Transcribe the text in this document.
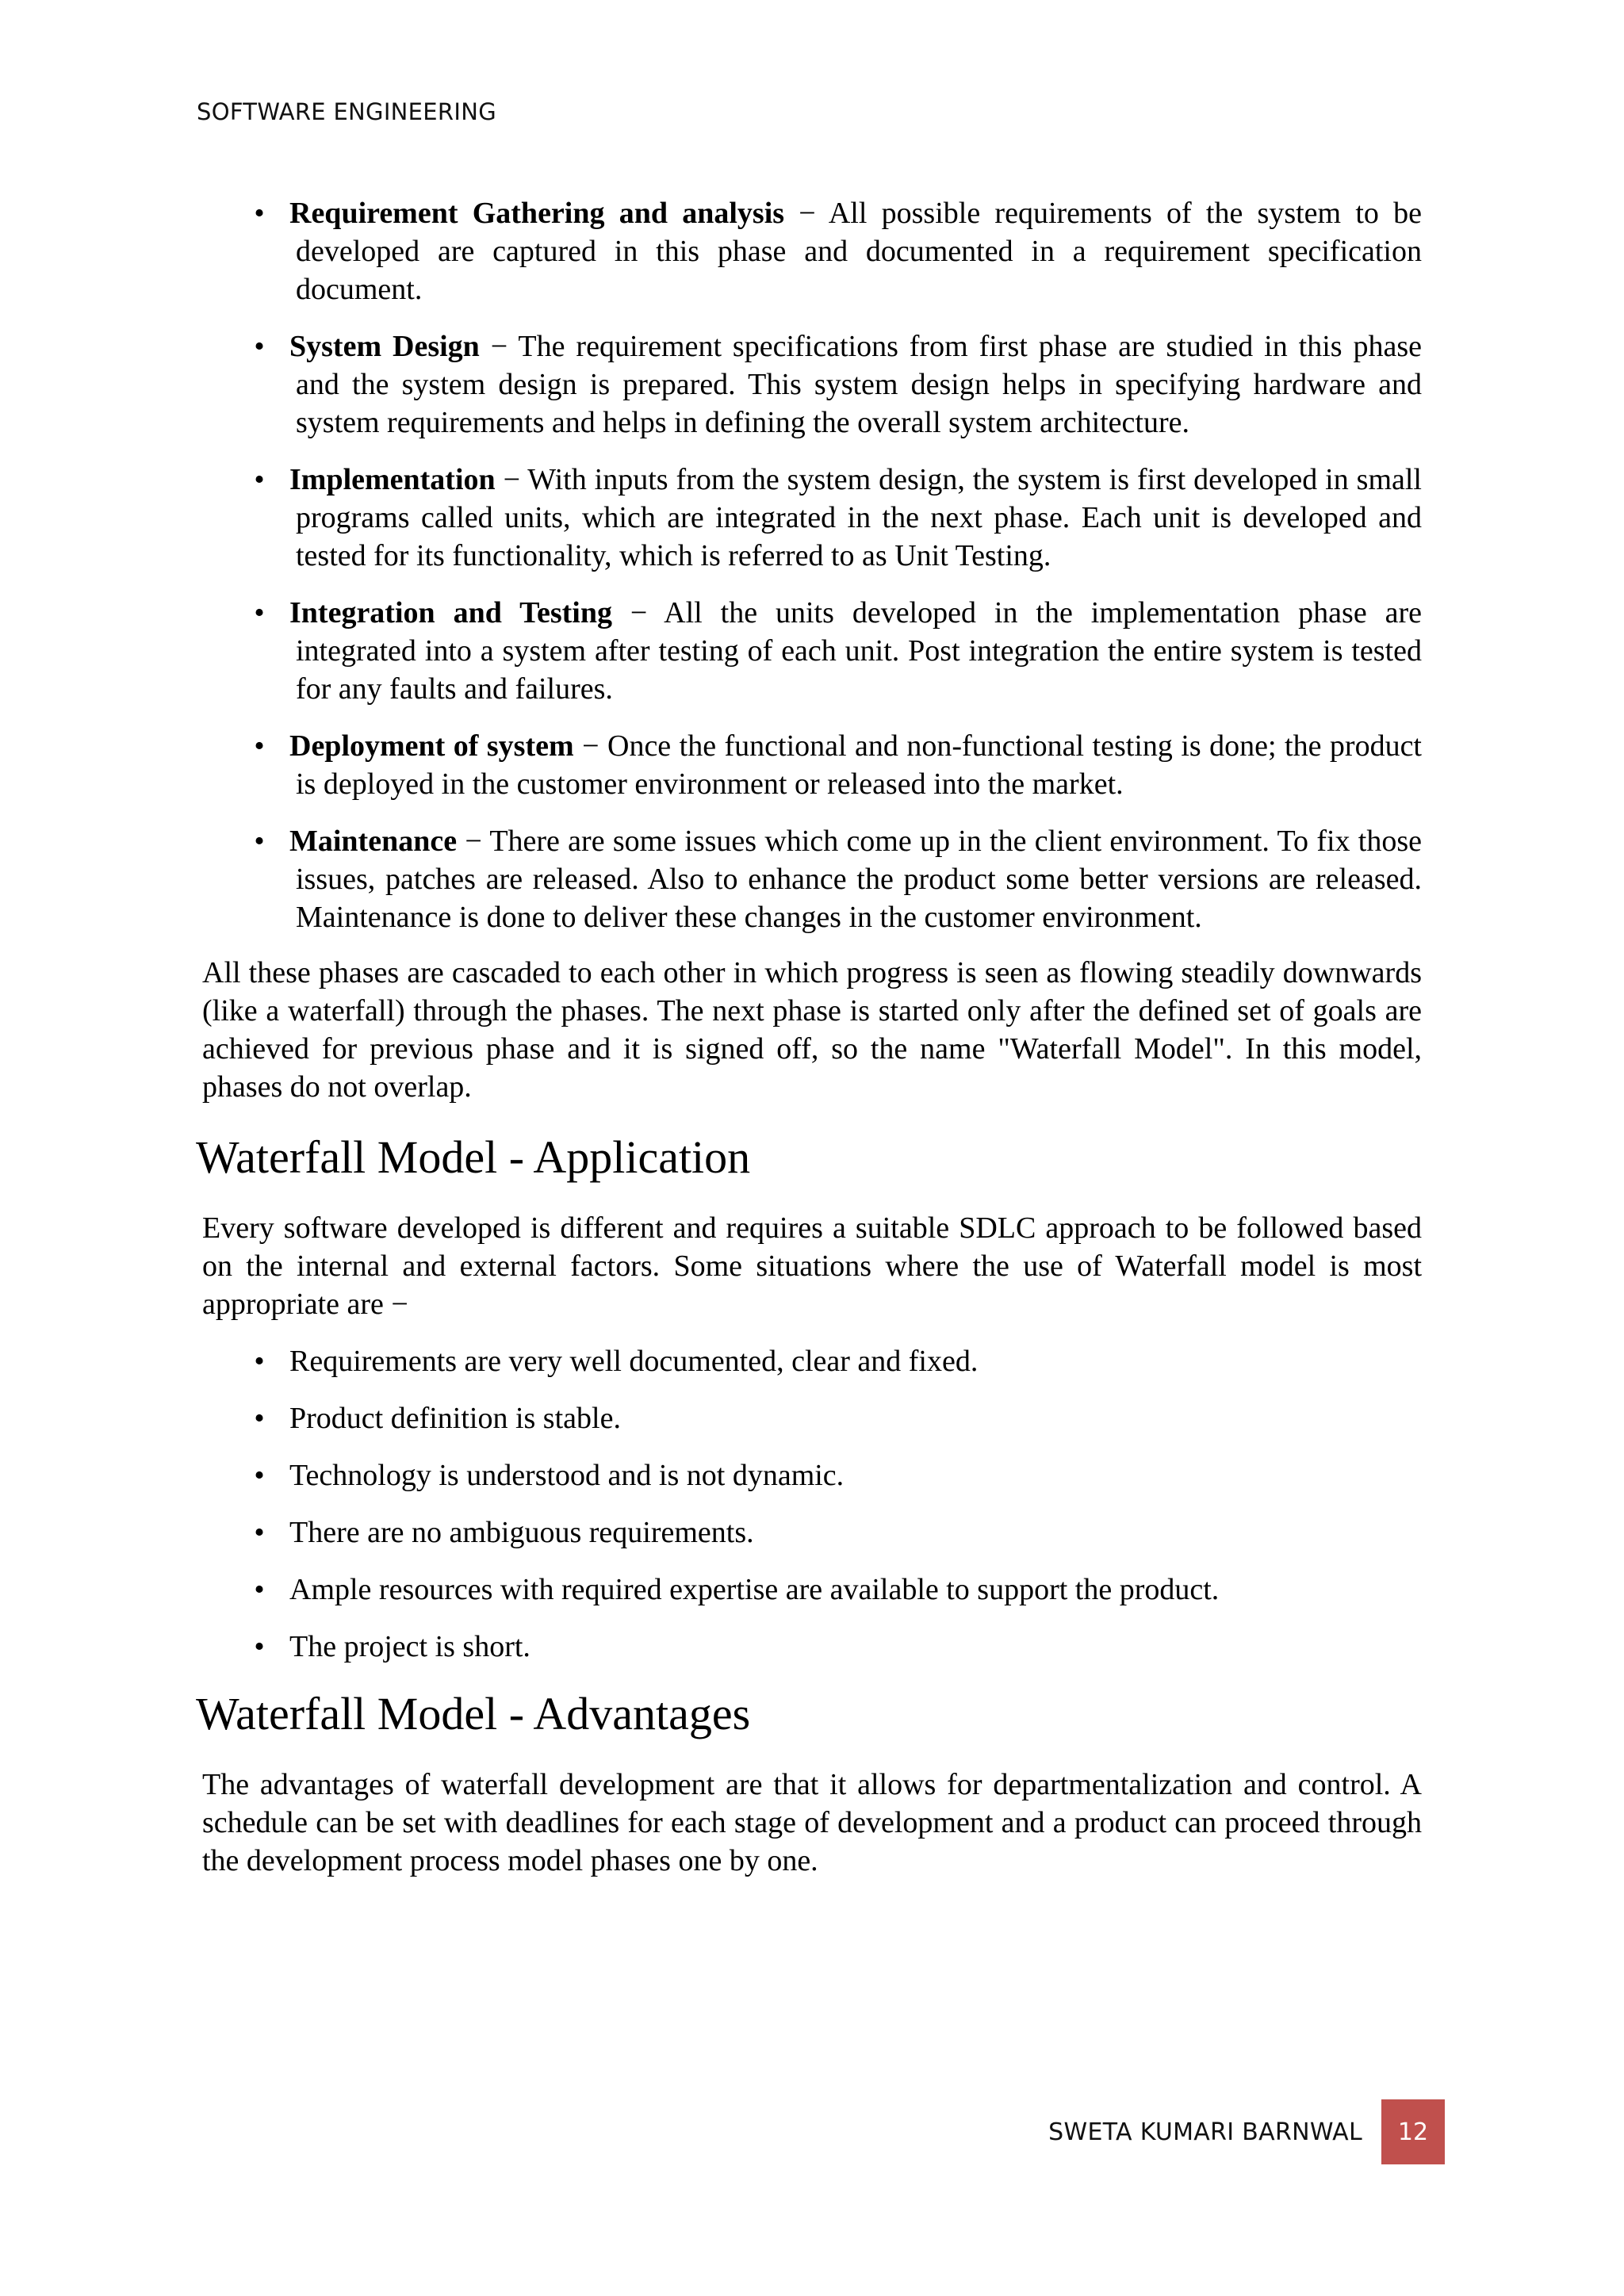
SOFTWARE ENGINEERING
• Requirement Gathering and analysis − All possible requirements of the system to be developed are captured in this phase and documented in a requirement specification document.
• System Design − The requirement specifications from first phase are studied in this phase and the system design is prepared. This system design helps in specifying hardware and system requirements and helps in defining the overall system architecture.
• Implementation − With inputs from the system design, the system is first developed in small programs called units, which are integrated in the next phase. Each unit is developed and tested for its functionality, which is referred to as Unit Testing.
• Integration and Testing − All the units developed in the implementation phase are integrated into a system after testing of each unit. Post integration the entire system is tested for any faults and failures.
• Deployment of system − Once the functional and non-functional testing is done; the product is deployed in the customer environment or released into the market.
• Maintenance − There are some issues which come up in the client environment. To fix those issues, patches are released. Also to enhance the product some better versions are released. Maintenance is done to deliver these changes in the customer environment.

All these phases are cascaded to each other in which progress is seen as flowing steadily downwards (like a waterfall) through the phases. The next phase is started only after the defined set of goals are achieved for previous phase and it is signed off, so the name "Waterfall Model". In this model, phases do not overlap.

Waterfall Model - Application

Every software developed is different and requires a suitable SDLC approach to be followed based on the internal and external factors. Some situations where the use of Waterfall model is most appropriate are −

• Requirements are very well documented, clear and fixed.
• Product definition is stable.
• Technology is understood and is not dynamic.
• There are no ambiguous requirements.
• Ample resources with required expertise are available to support the product.
• The project is short.
Waterfall Model - Advantages

The advantages of waterfall development are that it allows for departmentalization and control. A schedule can be set with deadlines for each stage of development and a product can proceed through the development process model phases one by one.

SWETA KUMARI BARNWAL	12
